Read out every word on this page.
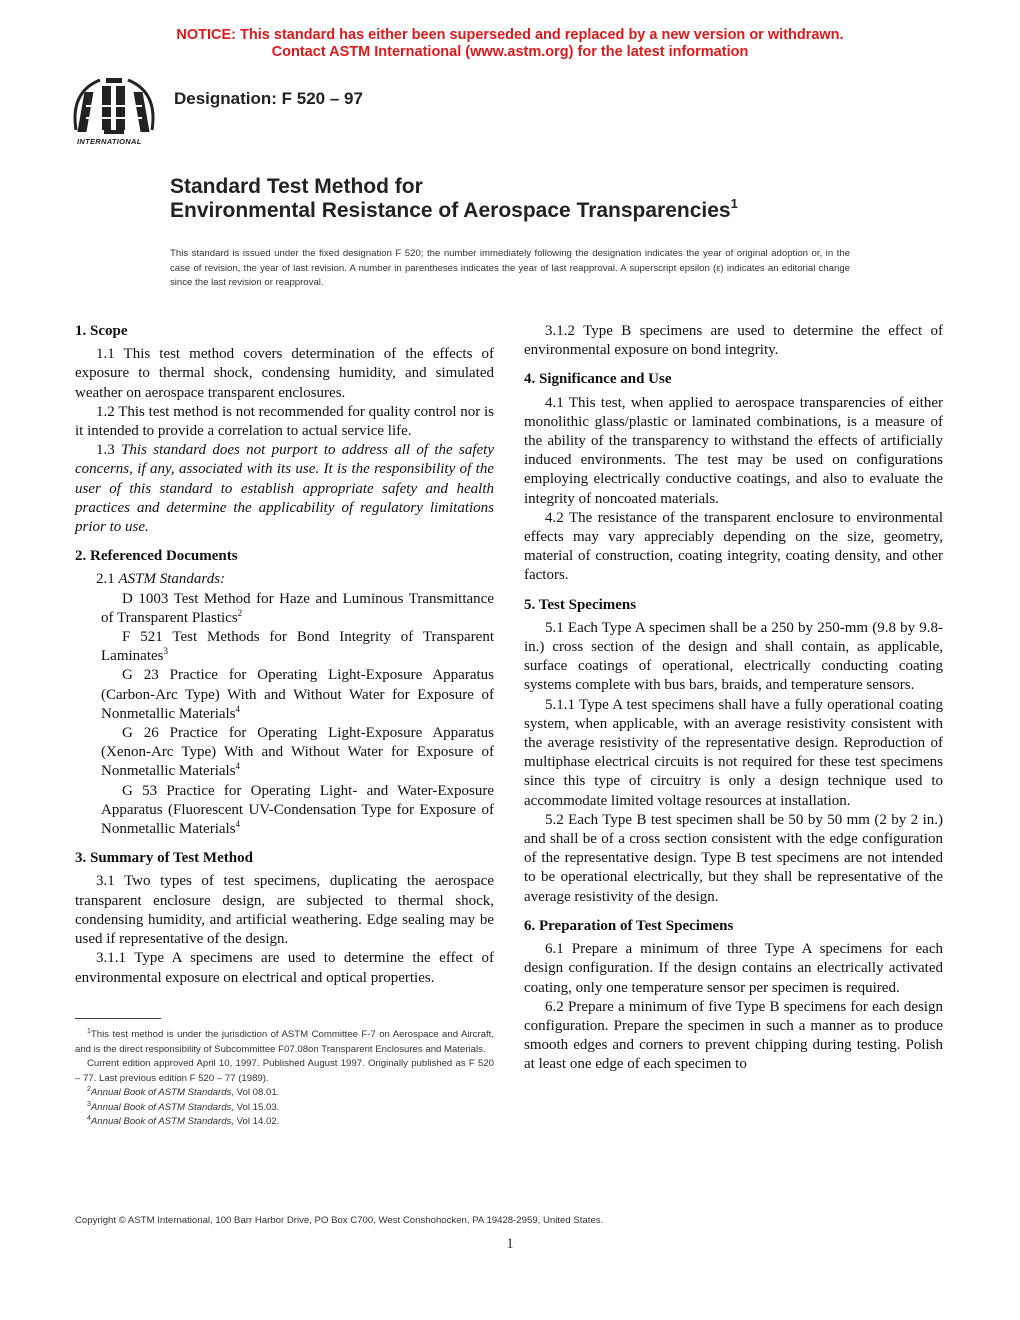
NOTICE: This standard has either been superseded and replaced by a new version or withdrawn.
Contact ASTM International (www.astm.org) for the latest information
INTERNATIONAL
Designation: F 520 – 97
Standard Test Method for
Environmental Resistance of Aerospace Transparencies$^1$
This standard is issued under the fixed designation F 520; the number immediately following the designation indicates the year of original adoption or, in the case of revision, the year of last revision. A number in parentheses indicates the year of last reapproval. A superscript epsilon (ε) indicates an editorial change since the last revision or reapproval.
1. Scope

1.1 This test method covers determination of the effects of exposure to thermal shock, condensing humidity, and simulated weather on aerospace transparent enclosures.

1.2 This test method is not recommended for quality control nor is it intended to provide a correlation to actual service life.

1.3 This standard does not purport to address all of the safety concerns, if any, associated with its use. It is the responsibility of the user of this standard to establish appropriate safety and health practices and determine the applicability of regulatory limitations prior to use.

2. Referenced Documents

2.1 ASTM Standards:

D 1003 Test Method for Haze and Luminous Transmittance of Transparent Plastics$^2$

F 521 Test Methods for Bond Integrity of Transparent Laminates$^3$

G 23 Practice for Operating Light-Exposure Apparatus (Carbon-Arc Type) With and Without Water for Exposure of Nonmetallic Materials$^4$

G 26 Practice for Operating Light-Exposure Apparatus (Xenon-Arc Type) With and Without Water for Exposure of Nonmetallic Materials$^4$

G 53 Practice for Operating Light- and Water-Exposure Apparatus (Fluorescent UV-Condensation Type for Exposure of Nonmetallic Materials$^4$

3. Summary of Test Method

3.1 Two types of test specimens, duplicating the aerospace transparent enclosure design, are subjected to thermal shock, condensing humidity, and artificial weathering. Edge sealing may be used if representative of the design.

3.1.1 Type A specimens are used to determine the effect of environmental exposure on electrical and optical properties.

3.1.2 Type B specimens are used to determine the effect of environmental exposure on bond integrity.

4. Significance and Use

4.1 This test, when applied to aerospace transparencies of either monolithic glass/plastic or laminated combinations, is a measure of the ability of the transparency to withstand the effects of artificially induced environments. The test may be used on configurations employing electrically conductive coatings, and also to evaluate the integrity of noncoated materials.

4.2 The resistance of the transparent enclosure to environmental effects may vary appreciably depending on the size, geometry, material of construction, coating integrity, coating density, and other factors.

5. Test Specimens

5.1 Each Type A specimen shall be a 250 by 250-mm (9.8 by 9.8-in.) cross section of the design and shall contain, as applicable, surface coatings of operational, electrically conducting coating systems complete with bus bars, braids, and temperature sensors.

5.1.1 Type A test specimens shall have a fully operational coating system, when applicable, with an average resistivity consistent with the average resistivity of the representative design. Reproduction of multiphase electrical circuits is not required for these test specimens since this type of circuitry is only a design technique used to accommodate limited voltage resources at installation.

5.2 Each Type B test specimen shall be 50 by 50 mm (2 by 2 in.) and shall be of a cross section consistent with the edge configuration of the representative design. Type B test specimens are not intended to be operational electrically, but they shall be representative of the average resistivity of the design.

6. Preparation of Test Specimens

6.1 Prepare a minimum of three Type A specimens for each design configuration. If the design contains an electrically activated coating, only one temperature sensor per specimen is required.

6.2 Prepare a minimum of five Type B specimens for each design configuration. Prepare the specimen in such a manner as to produce smooth edges and corners to prevent chipping during testing. Polish at least one edge of each specimen to

$^1$This test method is under the jurisdiction of ASTM Committee F-7 on Aerospace and Aircraft, and is the direct responsibility of Subcommittee F07.08on Transparent Enclosures and Materials.

Current edition approved April 10, 1997. Published August 1997. Originally published as F 520 – 77. Last previous edition F 520 – 77 (1989).

$^2$Annual Book of ASTM Standards, Vol 08.01.

$^3$Annual Book of ASTM Standards, Vol 15.03.

$^4$Annual Book of ASTM Standards, Vol 14.02.

Copyright © ASTM International, 100 Barr Harbor Drive, PO Box C700, West Conshohocken, PA 19428-2959, United States.
1
